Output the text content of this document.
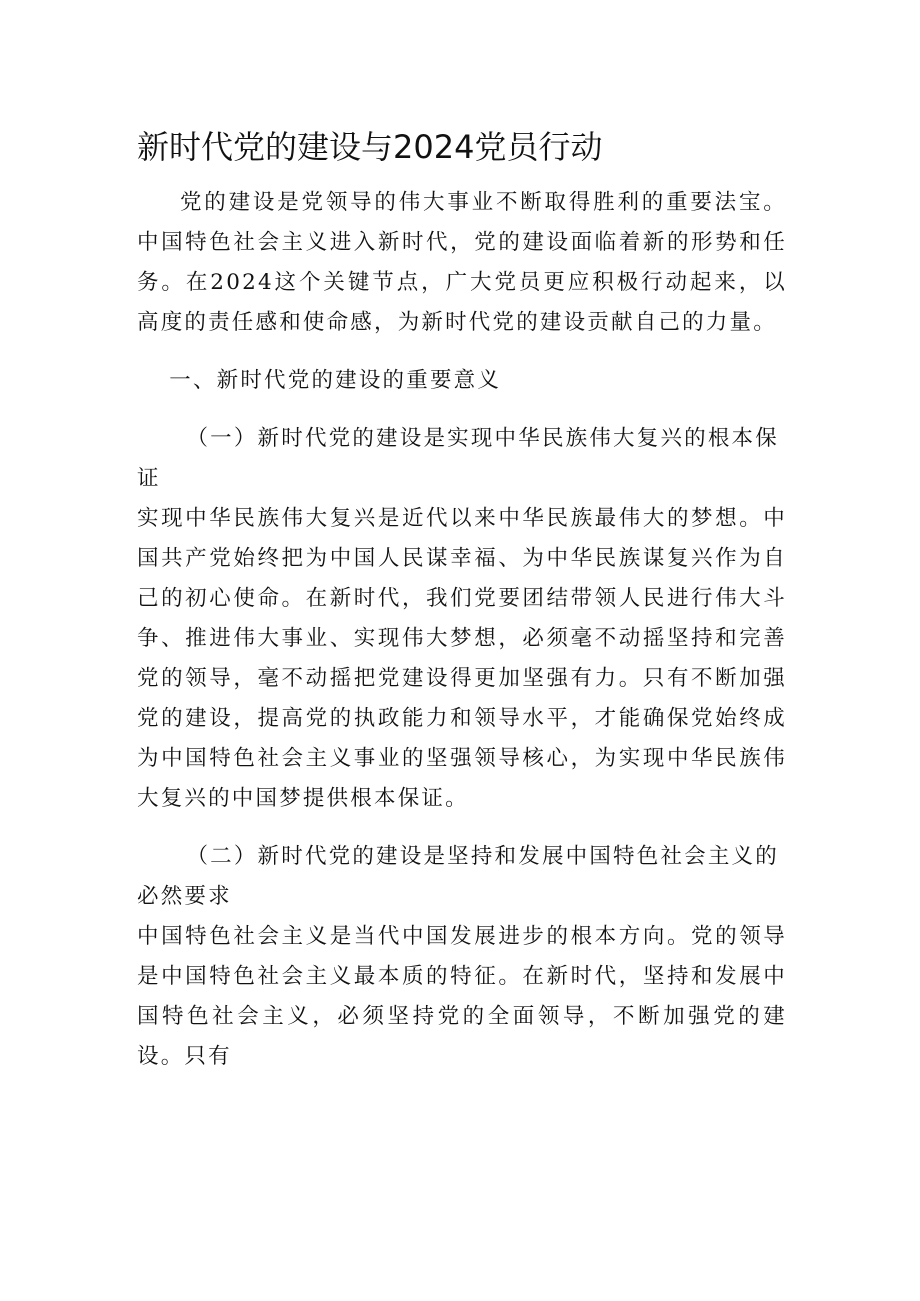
新时代党的建设与2024党员行动

党的建设是党领导的伟大事业不断取得胜利的重要法宝。中国特色社会主义进入新时代，党的建设面临着新的形势和任务。在2024这个关键节点，广大党员更应积极行动起来，以高度的责任感和使命感，为新时代党的建设贡献自己的力量。

一、新时代党的建设的重要意义

（一）新时代党的建设是实现中华民族伟大复兴的根本保证

实现中华民族伟大复兴是近代以来中华民族最伟大的梦想。中国共产党始终把为中国人民谋幸福、为中华民族谋复兴作为自己的初心使命。在新时代，我们党要团结带领人民进行伟大斗争、推进伟大事业、实现伟大梦想，必须毫不动摇坚持和完善党的领导，毫不动摇把党建设得更加坚强有力。只有不断加强党的建设，提高党的执政能力和领导水平，才能确保党始终成为中国特色社会主义事业的坚强领导核心，为实现中华民族伟大复兴的中国梦提供根本保证。

（二）新时代党的建设是坚持和发展中国特色社会主义的必然要求

中国特色社会主义是当代中国发展进步的根本方向。党的领导是中国特色社会主义最本质的特征。在新时代，坚持和发展中国特色社会主义，必须坚持党的全面领导，不断加强党的建设。只有
